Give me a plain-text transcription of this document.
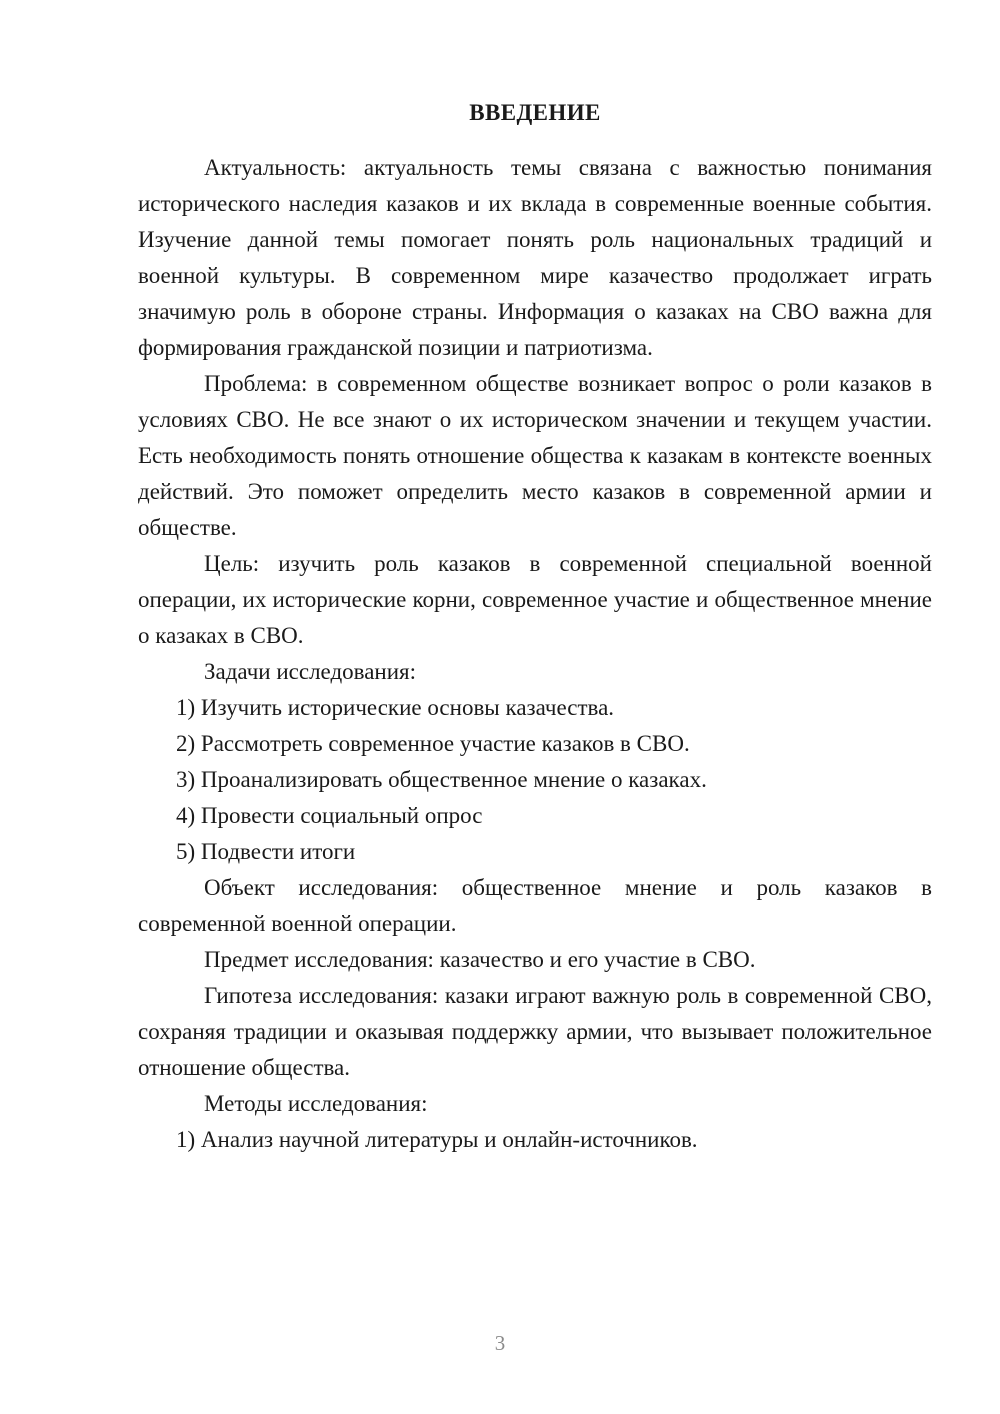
ВВЕДЕНИЕ

Актуальность: актуальность темы связана с важностью понимания исторического наследия казаков и их вклада в современные военные события. Изучение данной темы помогает понять роль национальных традиций и военной культуры. В современном мире казачество продолжает играть значимую роль в обороне страны. Информация о казаках на СВО важна для формирования гражданской позиции и патриотизма.

Проблема: в современном обществе возникает вопрос о роли казаков в условиях СВО. Не все знают о их историческом значении и текущем участии. Есть необходимость понять отношение общества к казакам в контексте военных действий. Это поможет определить место казаков в современной армии и обществе.

Цель: изучить роль казаков в современной специальной военной операции, их исторические корни, современное участие и общественное мнение о казаках в СВО.

Задачи исследования:

1) Изучить исторические основы казачества.
2) Рассмотреть современное участие казаков в СВО.
3) Проанализировать общественное мнение о казаках.
4) Провести социальный опрос
5) Подвести итоги

Объект исследования: общественное мнение и роль казаков в современной военной операции.

Предмет исследования: казачество и его участие в СВО.

Гипотеза исследования: казаки играют важную роль в современной СВО, сохраняя традиции и оказывая поддержку армии, что вызывает положительное отношение общества.

Методы исследования:

1) Анализ научной литературы и онлайн-источников.
3
